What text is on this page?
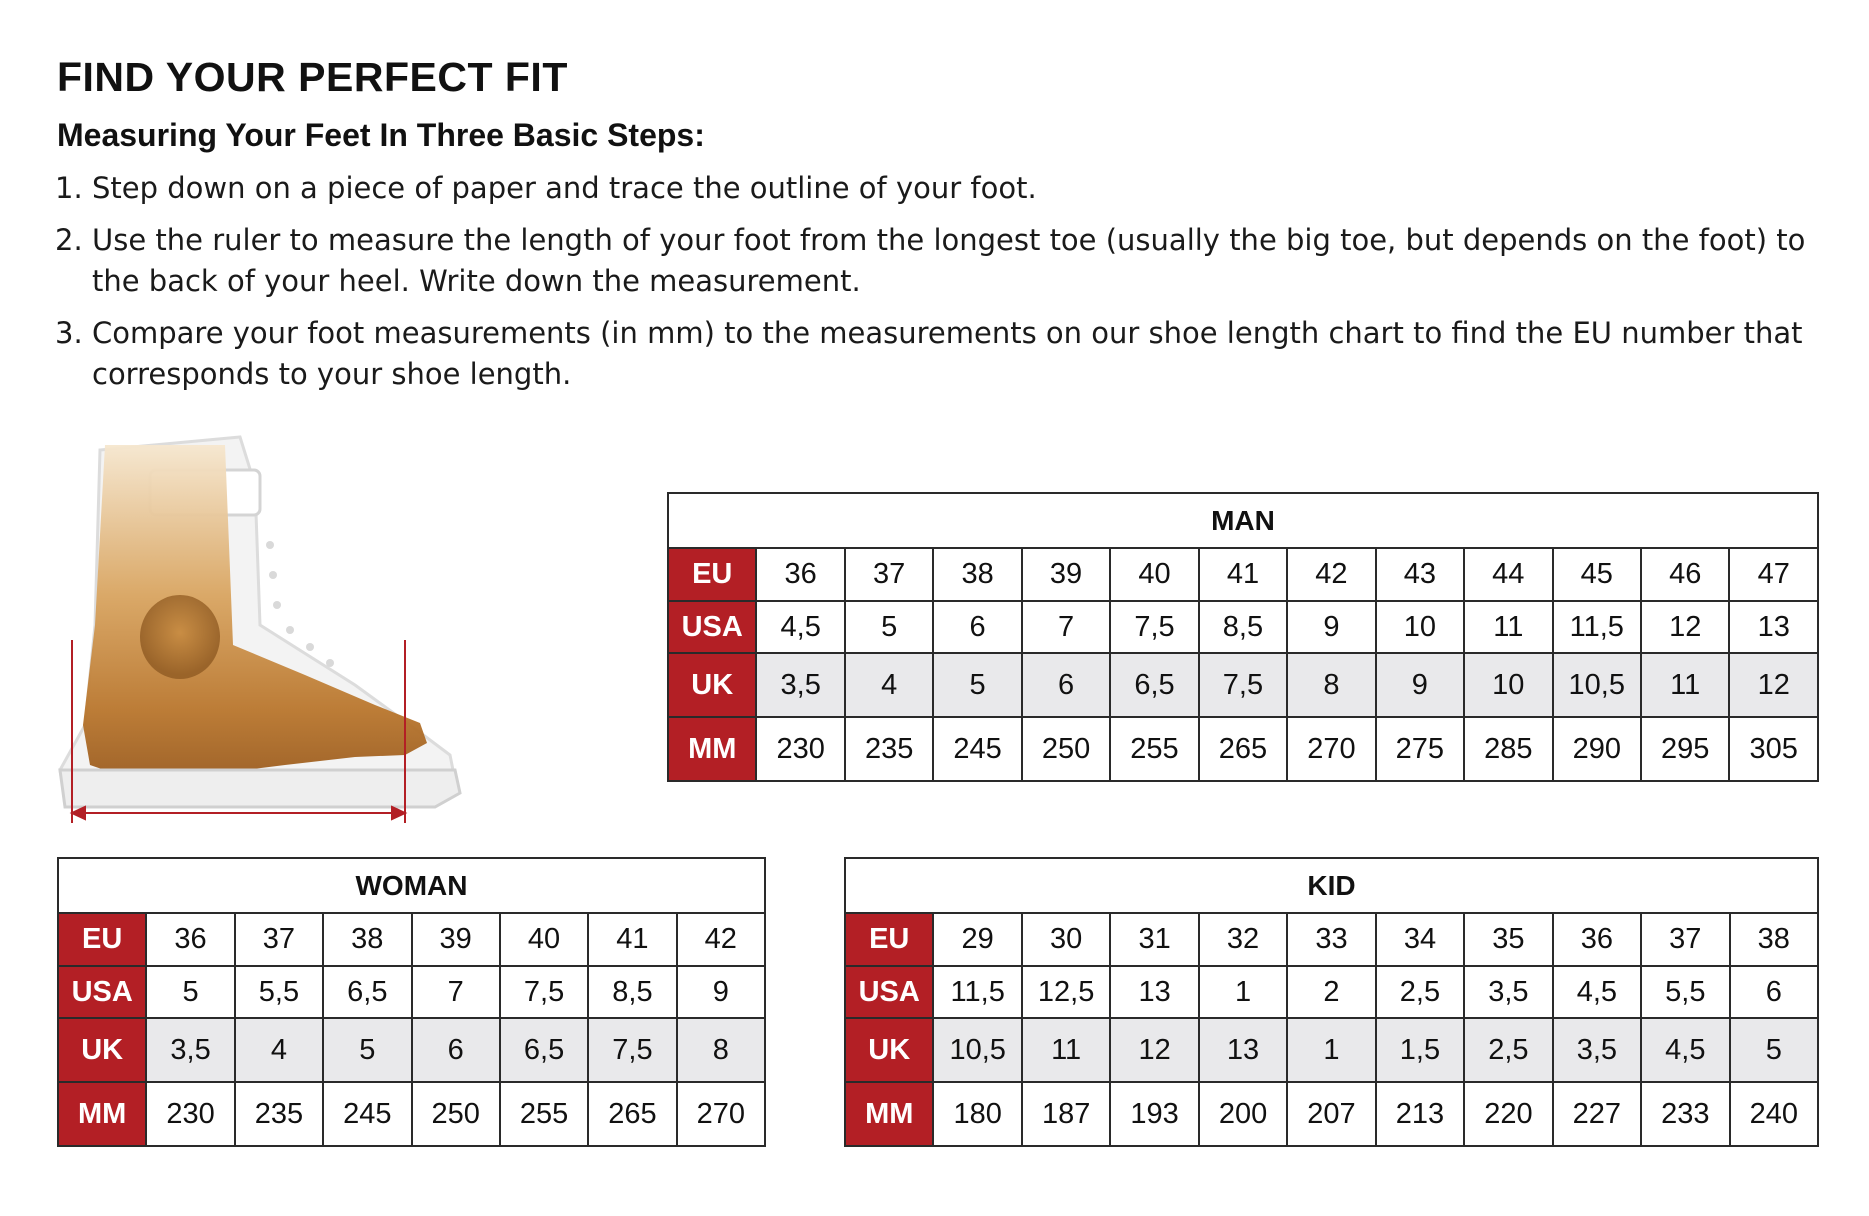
FIND YOUR PERFECT FIT
Measuring Your Feet In Three Basic Steps:
1. Step down on a piece of paper and trace the outline of your foot.
2. Use the ruler to measure the length of your foot from the longest toe (usually the big toe, but depends on the foot) to the back of your heel. Write down the measurement.
3. Compare your foot measurements (in mm) to the measurements on our shoe length chart to find the EU number that corresponds to your shoe length.
MAN												
EU	36	37	38	39	40	41	42	43	44	45	46	47
USA	4,5	5	6	7	7,5	8,5	9	10	11	11,5	12	13
UK	3,5	4	5	6	6,5	7,5	8	9	10	10,5	11	12
MM	230	235	245	250	255	265	270	275	285	290	295	305
WOMAN							
EU	36	37	38	39	40	41	42
USA	5	5,5	6,5	7	7,5	8,5	9
UK	3,5	4	5	6	6,5	7,5	8
MM	230	235	245	250	255	265	270
KID										
EU	29	30	31	32	33	34	35	36	37	38
USA	11,5	12,5	13	1	2	2,5	3,5	4,5	5,5	6
UK	10,5	11	12	13	1	1,5	2,5	3,5	4,5	5
MM	180	187	193	200	207	213	220	227	233	240
